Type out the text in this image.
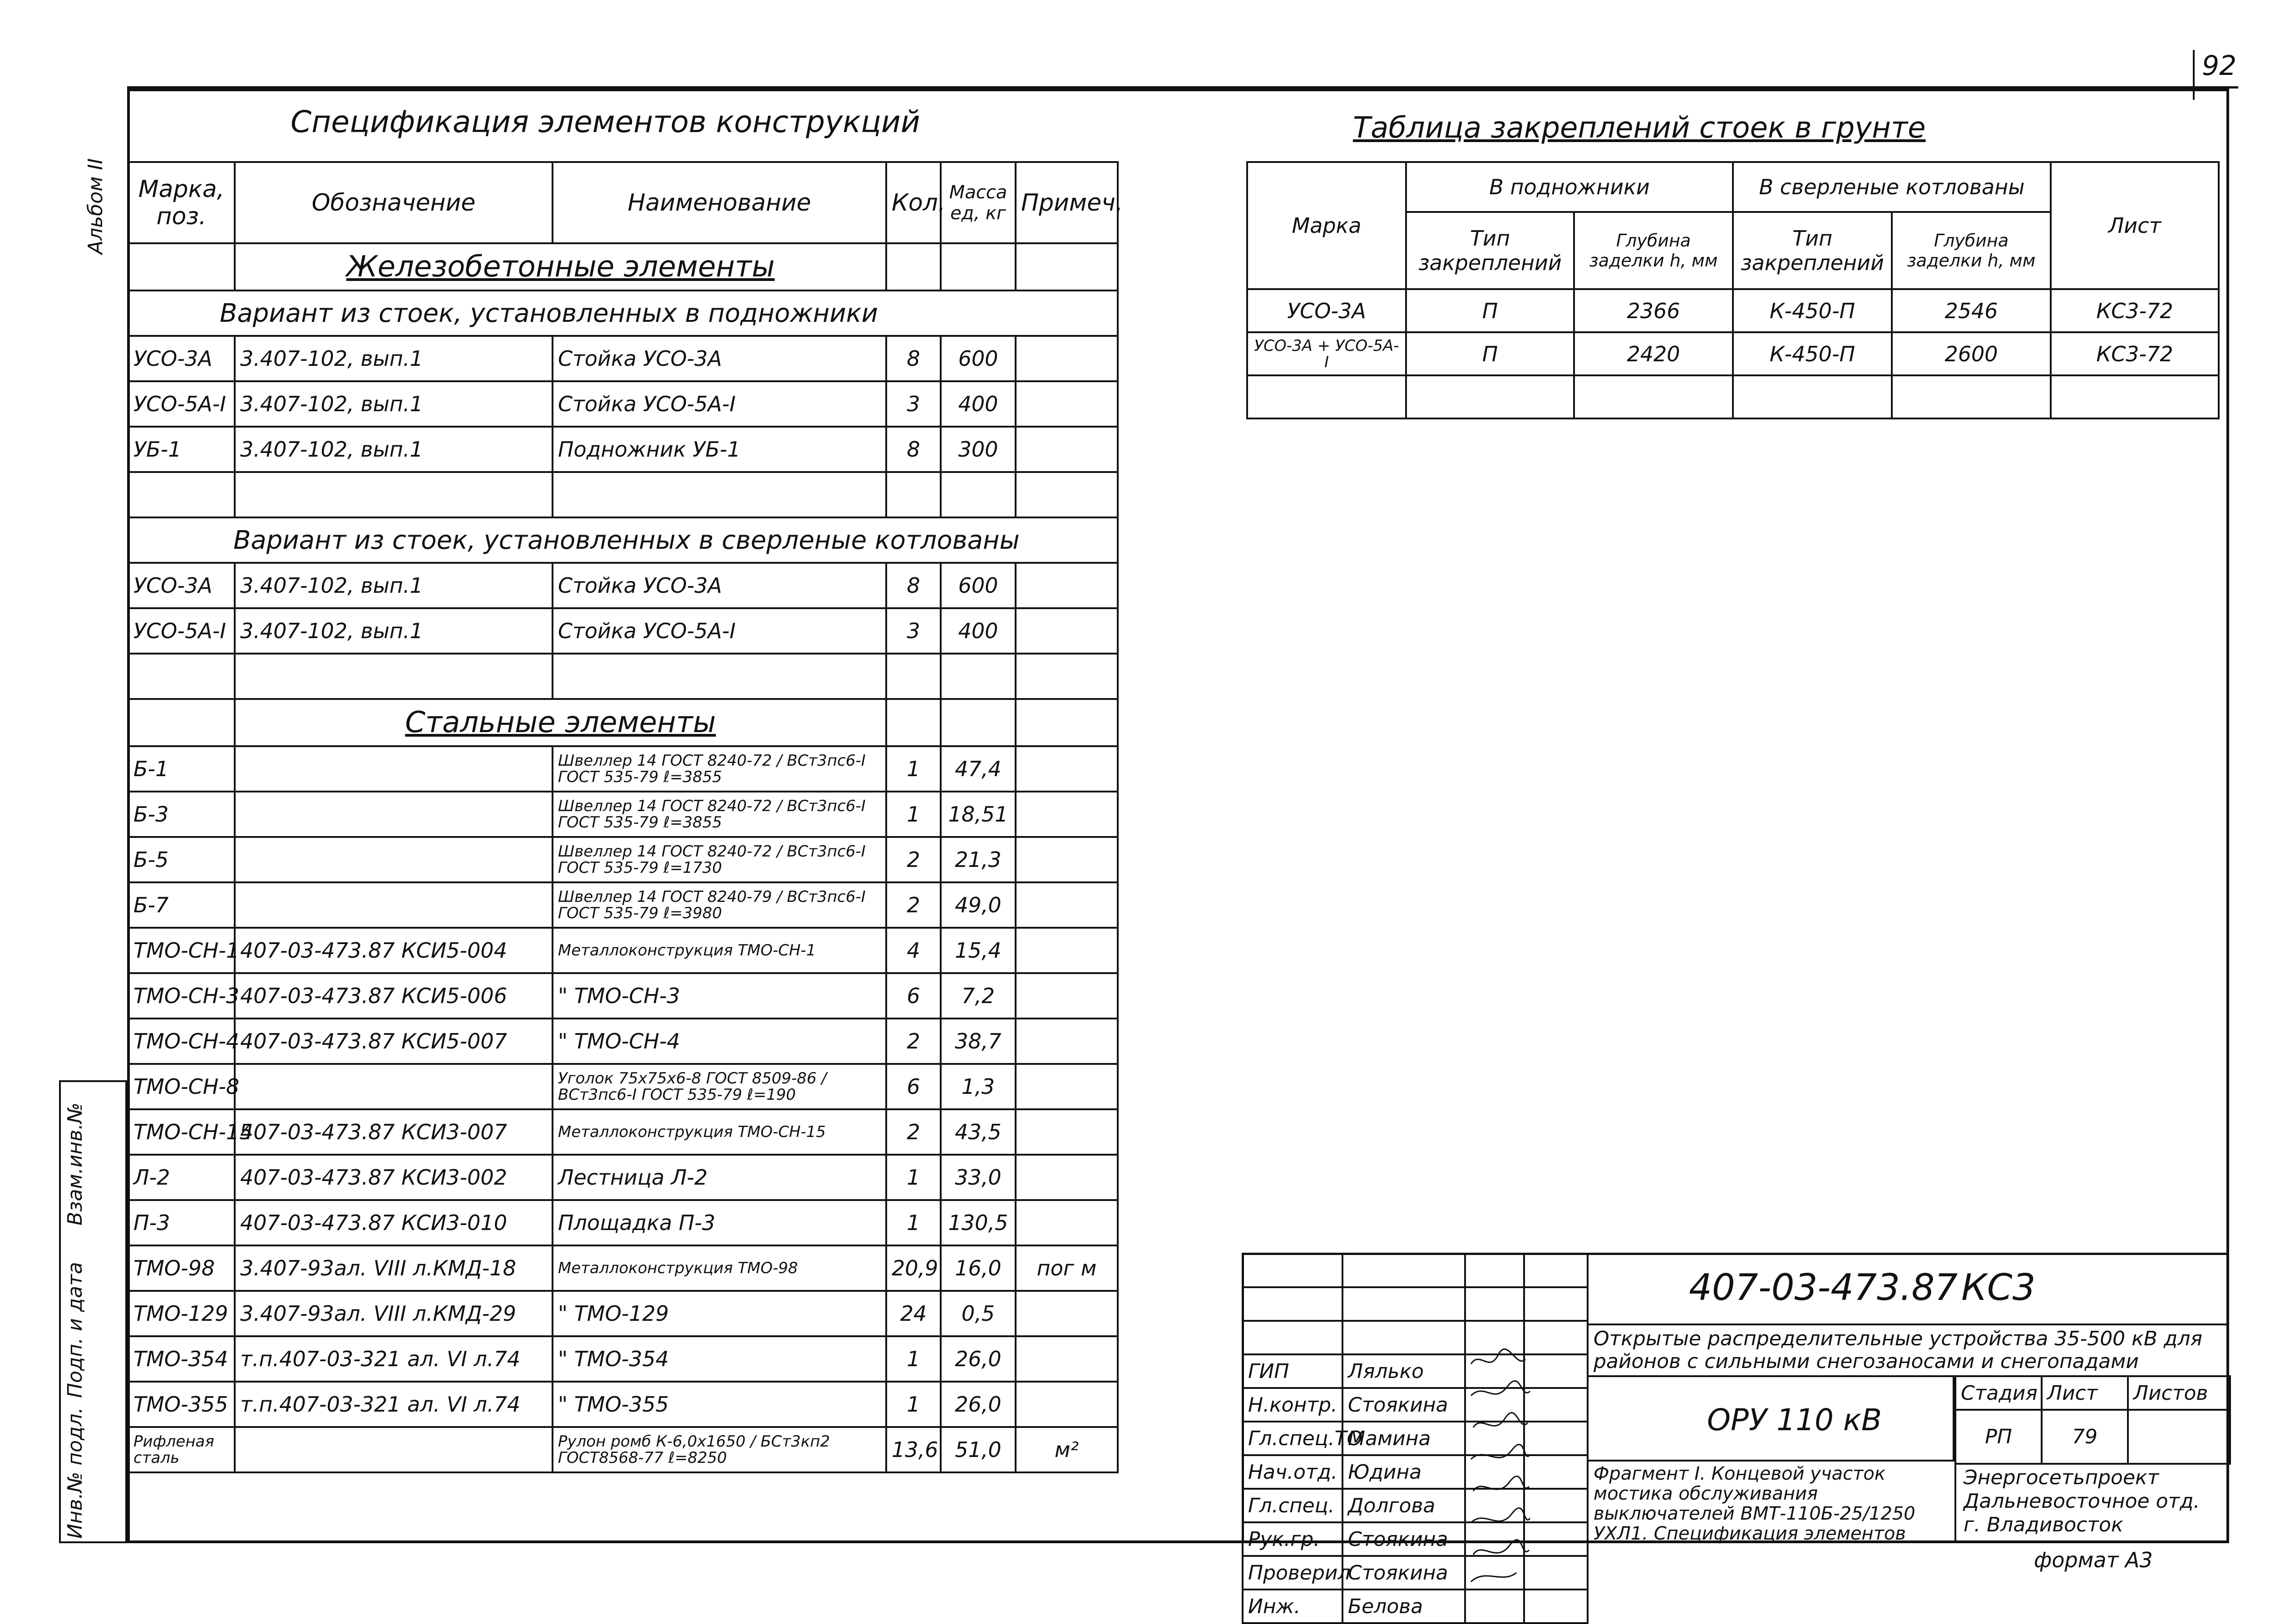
92
Альбом II
Взам.инв.№
Подп. и дата
Инв.№ подл.
Спецификация элементов конструкций
Марка, поз.	Обозначение	Наименование	Кол.	Масса ед, кг	Примеч.
	Железобетонные элементы				
Вариант из стоек, установленных в подножники					
УСО-3А	3.407-102, вып.1	Стойка УСО-3А	8	600	
УСО-5А-I	3.407-102, вып.1	Стойка УСО-5А-I	3	400	
УБ-1	3.407-102, вып.1	Подножник УБ-1	8	300	

Вариант из стоек, установленных в сверленые котлованы					
УСО-3А	3.407-102, вып.1	Стойка УСО-3А	8	600	
УСО-5А-I	3.407-102, вып.1	Стойка УСО-5А-I	3	400	

	Стальные элементы				
Б-1		Швеллер 14 ГОСТ 8240-72 / ВСт3пс6-I ГОСТ 535-79 ℓ=3855	1	47,4	
Б-3		Швеллер 14 ГОСТ 8240-72 / ВСт3пс6-I ГОСТ 535-79 ℓ=3855	1	18,51	
Б-5		Швеллер 14 ГОСТ 8240-72 / ВСт3пс6-I ГОСТ 535-79 ℓ=1730	2	21,3	
Б-7		Швеллер 14 ГОСТ 8240-79 / ВСт3пс6-I ГОСТ 535-79 ℓ=3980	2	49,0	
ТМО-СН-1	407-03-473.87 КСИ5-004	Металлоконструкция ТМО-СН-1	4	15,4	
ТМО-СН-3	407-03-473.87 КСИ5-006	" ТМО-СН-3	6	7,2	
ТМО-СН-4	407-03-473.87 КСИ5-007	" ТМО-СН-4	2	38,7	
ТМО-СН-8		Уголок 75х75х6-8 ГОСТ 8509-86 / ВСт3пс6-I ГОСТ 535-79 ℓ=190	6	1,3	
ТМО-СН-15	407-03-473.87 КСИ3-007	Металлоконструкция ТМО-СН-15	2	43,5	
Л-2	407-03-473.87 КСИ3-002	Лестница Л-2	1	33,0	
П-3	407-03-473.87 КСИ3-010	Площадка П-3	1	130,5	
ТМО-98	3.407-93ал. VIII л.КМД-18	Металлоконструкция ТМО-98	20,9	16,0	пог м
ТМО-129	3.407-93ал. VIII л.КМД-29	" ТМО-129	24	0,5	
ТМО-354	т.п.407-03-321 ал. VI л.74	" ТМО-354	1	26,0	
ТМО-355	т.п.407-03-321 ал. VI л.74	" ТМО-355	1	26,0	
Рифленая сталь		Рулон ромб К-6,0х1650 / БСт3кп2 ГОСТ8568-77 ℓ=8250	13,6	51,0	м²
Таблица закреплений стоек в грунте
Марка	В подножники		В сверленые котлованы		Лист
	Тип закреплений	Глубина заделки h, мм	Тип закреплений	Глубина заделки h, мм	
УСО-3А	П	2366	К-450-П	2546	КС3-72
УСО-3А + УСО-5А-I	П	2420	К-450-П	2600	КС3-72

ГИП	Лялько		
Н.контр.	Стоякина		
Гл.спец.ТО	Мамина		
Нач.отд.	Юдина		
Гл.спец.	Долгова		
Рук.гр.	Стоякина		
Проверил	Стоякина		
Инж.	Белова		
407-03-473.87 КС3
Открытые распределительные устройства 35-500 кВ для районов с сильными снегозаносами и снегопадами
ОРУ 110 кВ
Стадия	Лист	Листов
РП	79	
Фрагмент I. Концевой участок мостика обслуживания выключателей ВМТ-110Б-25/1250 УХЛ1. Спецификация элементов
Энергосетьпроект Дальневосточное отд. г. Владивосток
формат А3
